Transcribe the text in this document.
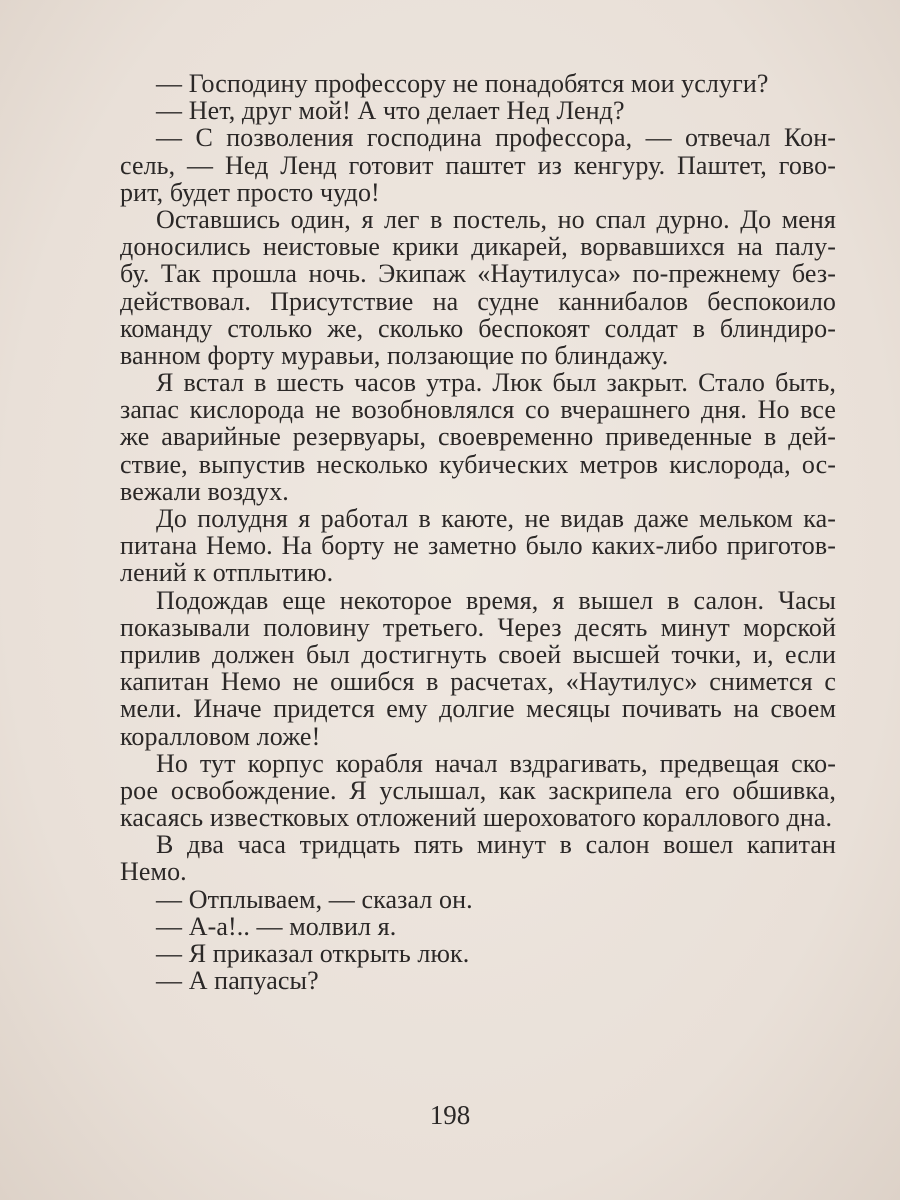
— Господину профессору не понадобятся мои услуги?
— Нет, друг мой! А что делает Нед Ленд?
— С позволения господина профессора, — отвечал Кон-
сель, — Нед Ленд готовит паштет из кенгуру. Паштет, гово-
рит, будет просто чудо!
Оставшись один, я лег в постель, но спал дурно. До меня
доносились неистовые крики дикарей, ворвавшихся на палу-
бу. Так прошла ночь. Экипаж «Наутилуса» по-прежнему без-
действовал. Присутствие на судне каннибалов беспокоило
команду столько же, сколько беспокоят солдат в блиндиро-
ванном форту муравьи, ползающие по блиндажу.
Я встал в шесть часов утра. Люк был закрыт. Стало быть,
запас кислорода не возобновлялся со вчерашнего дня. Но все
же аварийные резервуары, своевременно приведенные в дей-
ствие, выпустив несколько кубических метров кислорода, ос-
вежали воздух.
До полудня я работал в каюте, не видав даже мельком ка-
питана Немо. На борту не заметно было каких-либо приготов-
лений к отплытию.
Подождав еще некоторое время, я вышел в салон. Часы
показывали половину третьего. Через десять минут морской
прилив должен был достигнуть своей высшей точки, и, если
капитан Немо не ошибся в расчетах, «Наутилус» снимется с
мели. Иначе придется ему долгие месяцы почивать на своем
коралловом ложе!
Но тут корпус корабля начал вздрагивать, предвещая ско-
рое освобождение. Я услышал, как заскрипела его обшивка,
касаясь известковых отложений шероховатого кораллового дна.
В два часа тридцать пять минут в салон вошел капитан
Немо.
— Отплываем, — сказал он.
— А-а!.. — молвил я.
— Я приказал открыть люк.
— А папуасы?
198
